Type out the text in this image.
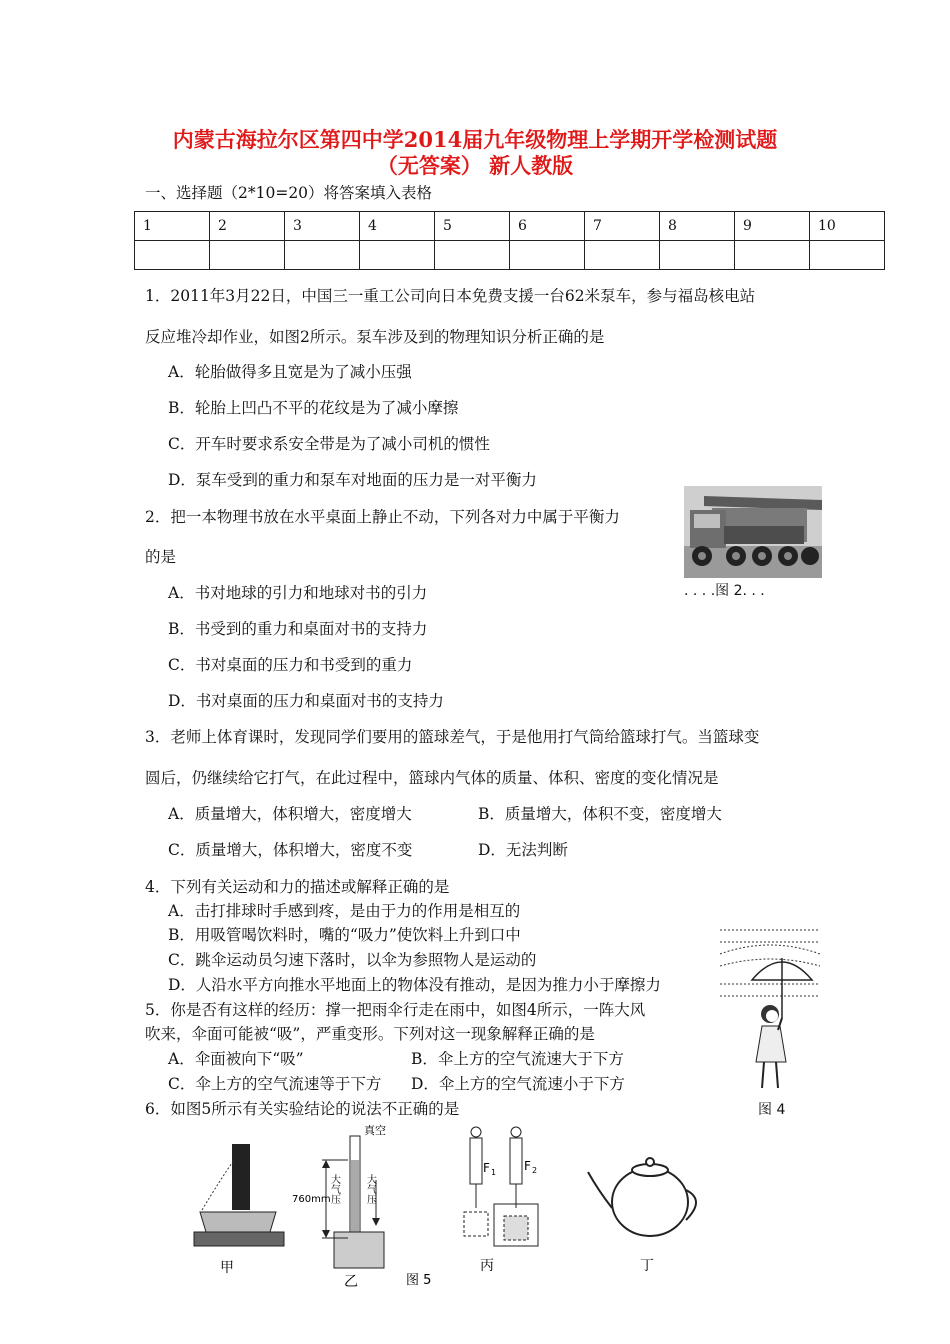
内蒙古海拉尔区第四中学2014届九年级物理上学期开学检测试题
（无答案） 新人教版
一、选择题（2*10=20）将答案填入表格
1	2	3	4	5	6	7	8	9	10

1．2011年3月22日，中国三一重工公司向日本免费支援一台62米泵车，参与福岛核电站
反应堆冷却作业，如图2所示。泵车涉及到的物理知识分析正确的是
A．轮胎做得多且宽是为了减小压强
B．轮胎上凹凸不平的花纹是为了减小摩擦
C．开车时要求系安全带是为了减小司机的惯性
D．泵车受到的重力和泵车对地面的压力是一对平衡力
. . . .图 2. . .
2．把一本物理书放在水平桌面上静止不动，下列各对力中属于平衡力
的是
A．书对地球的引力和地球对书的引力
B．书受到的重力和桌面对书的支持力
C．书对桌面的压力和书受到的重力
D．书对桌面的压力和桌面对书的支持力
3．老师上体育课时，发现同学们要用的篮球差气，于是他用打气筒给篮球打气。当篮球变
圆后，仍继续给它打气，在此过程中，篮球内气体的质量、体积、密度的变化情况是
A．质量增大，体积增大，密度增大	B．质量增大，体积不变，密度增大
C．质量增大，体积增大，密度不变	D．无法判断
4．下列有关运动和力的描述或解释正确的是
A．击打排球时手感到疼，是由于力的作用是相互的
B．用吸管喝饮料时，嘴的“吸力”使饮料上升到口中
C．跳伞运动员匀速下落时，以伞为参照物人是运动的
D．人沿水平方向推水平地面上的物体没有推动，是因为推力小于摩擦力
5．你是否有这样的经历：撑一把雨伞行走在雨中，如图4所示，一阵大风
吹来，伞面可能被“吸”，严重变形。下列对这一现象解释正确的是
A．伞面被向下“吸”	B．伞上方的空气流速大于下方
C．伞上方的空气流速等于下方 D．伞上方的空气流速小于下方
图 4
6．如图5所示有关实验结论的说法不正确的是
真空
760mm
大气压	大气压
F 1 F 2
甲
乙	图 5
丙	丁
